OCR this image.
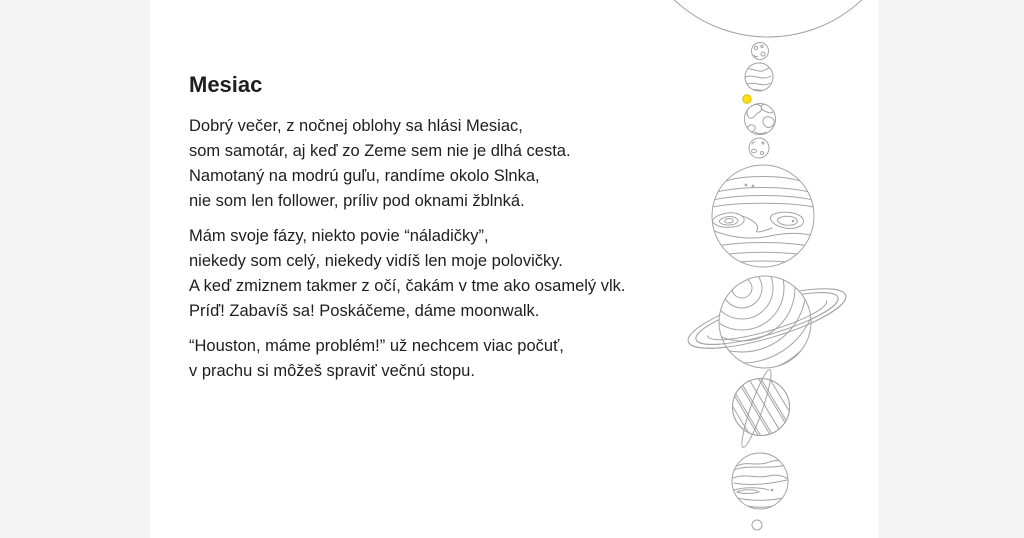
Mesiac
Dobrý večer, z nočnej oblohy sa hlási Mesiac,
som samotár, aj keď zo Zeme sem nie je dlhá cesta.
Namotaný na modrú guľu, randíme okolo Slnka,
nie som len follower, príliv pod oknami žblnká.
Mám svoje fázy, niekto povie “náladičky”,
niekedy som celý, niekedy vidíš len moje polovičky.
A keď zmiznem takmer z očí, čakám v tme ako osamelý vlk.
Príď! Zabavíš sa! Poskáčeme, dáme moonwalk.
“Houston, máme problém!” už nechcem viac počuť,
v prachu si môžeš spraviť večnú stopu.
